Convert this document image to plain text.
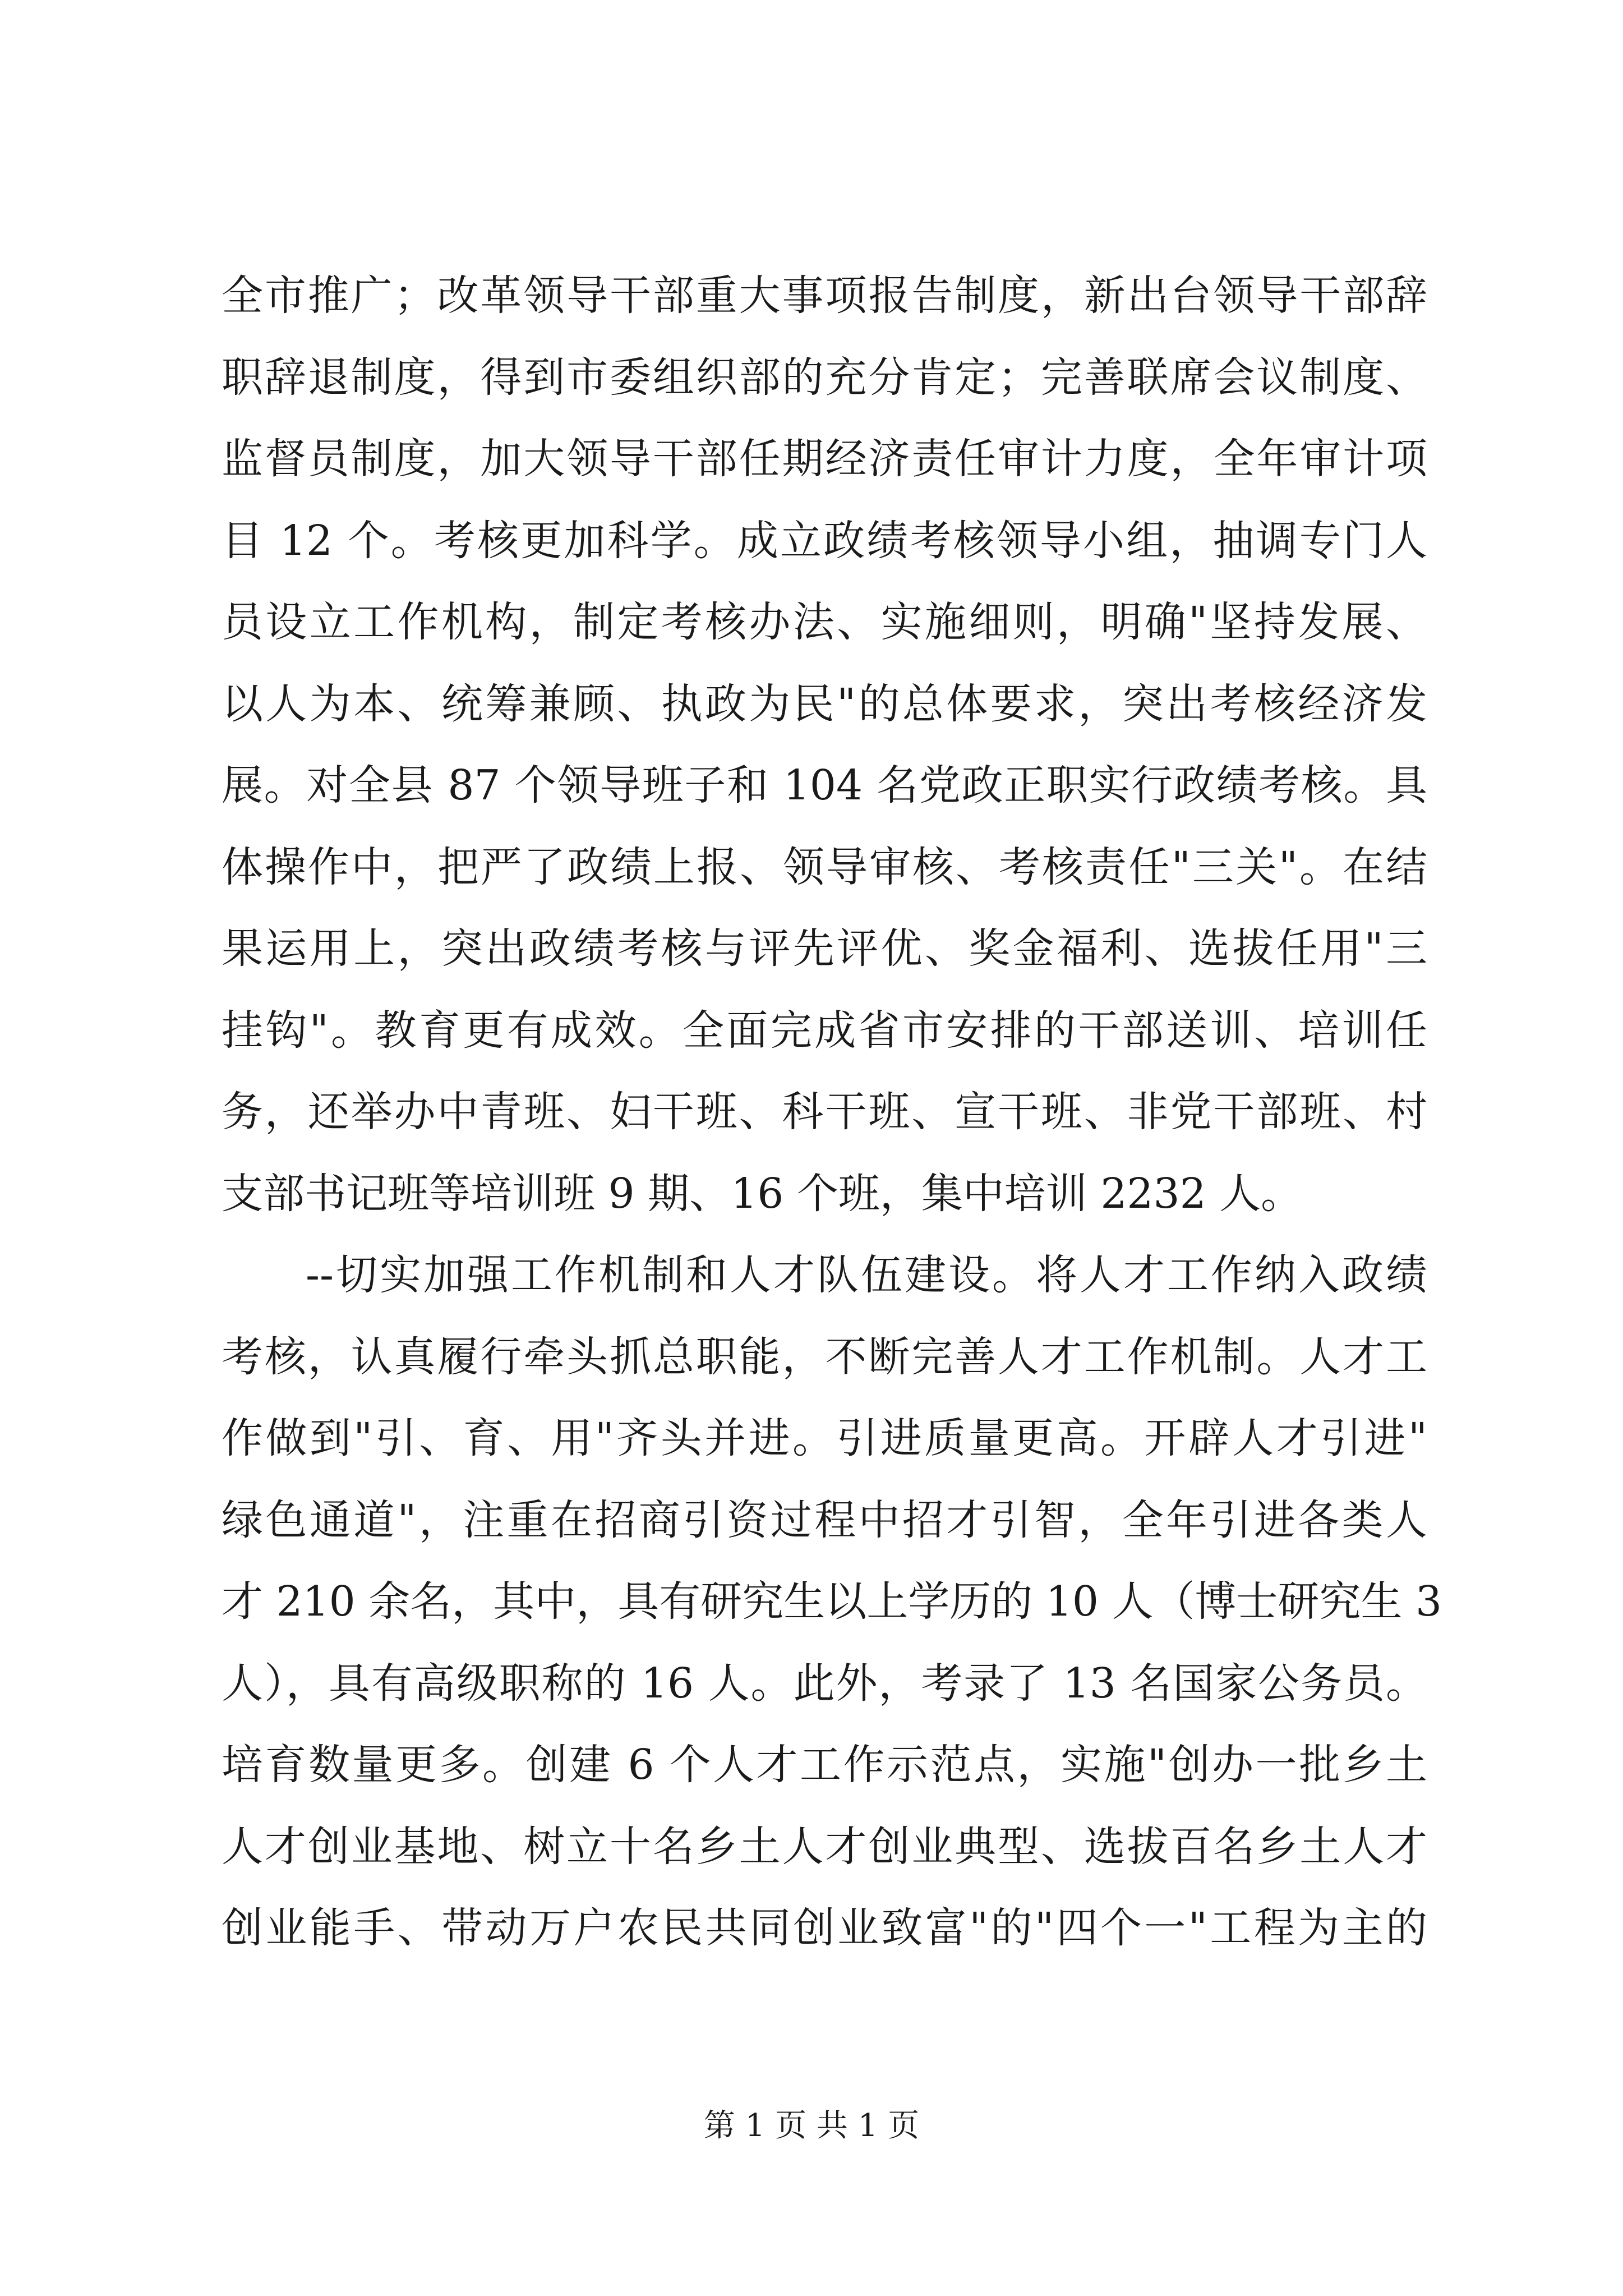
全市推广；改革领导干部重大事项报告制度，新出台领导干部辞
职辞退制度，得到市委组织部的充分肯定；完善联席会议制度、
监督员制度，加大领导干部任期经济责任审计力度，全年审计项
目 12 个。考核更加科学。成立政绩考核领导小组，抽调专门人
员设立工作机构，制定考核办法、实施细则，明确"坚持发展、
以人为本、统筹兼顾、执政为民"的总体要求，突出考核经济发
展。对全县 87 个领导班子和 104 名党政正职实行政绩考核。具
体操作中，把严了政绩上报、领导审核、考核责任"三关"。在结
果运用上，突出政绩考核与评先评优、奖金福利、选拔任用"三
挂钩"。教育更有成效。全面完成省市安排的干部送训、培训任
务，还举办中青班、妇干班、科干班、宣干班、非党干部班、村
支部书记班等培训班 9 期、16 个班，集中培训 2232 人。
--切实加强工作机制和人才队伍建设。将人才工作纳入政绩
考核，认真履行牵头抓总职能，不断完善人才工作机制。人才工
作做到"引、育、用"齐头并进。引进质量更高。开辟人才引进"
绿色通道"，注重在招商引资过程中招才引智，全年引进各类人
才 210 余名，其中，具有研究生以上学历的 10 人（博士研究生 3
人），具有高级职称的 16 人。此外，考录了 13 名国家公务员。
培育数量更多。创建 6 个人才工作示范点，实施"创办一批乡土
人才创业基地、树立十名乡土人才创业典型、选拔百名乡土人才
创业能手、带动万户农民共同创业致富"的"四个一"工程为主的
第 1 页 共 1 页
